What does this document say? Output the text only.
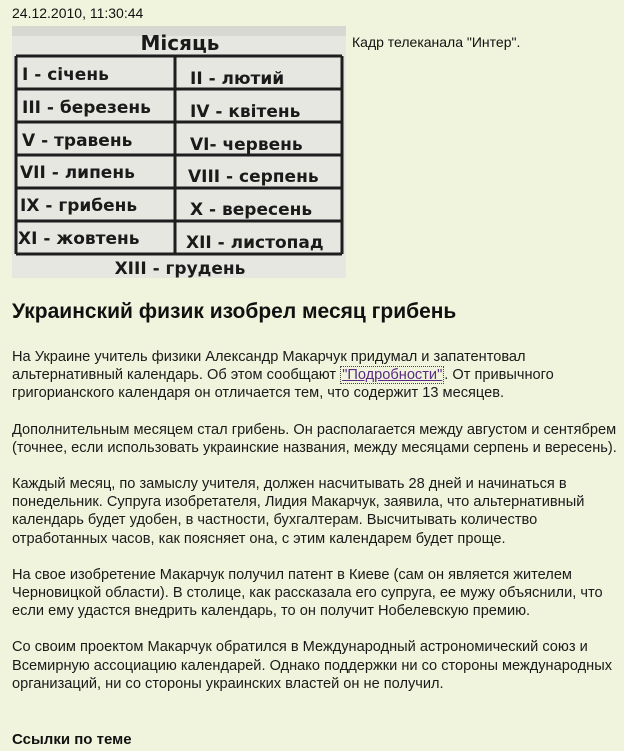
24.12.2010, 11:30:44
Місяць
I - січень	II - лютий
III - березень IV - квітень
V - травень	VI- червень
VII - липень	VIII - серпень
IX - грибень	X - вересень
XI - жовтень	XII - листопад
XIII - грудень
Кадр телеканала "Интер".
Украинский физик изобрел месяц грибень

На Украине учитель физики Александр Макарчук придумал и запатентовал альтернативный календарь. Об этом сообщают "Подробности" . От привычного григорианского календаря он отличается тем, что содержит 13 месяцев.

Дополнительным месяцем стал грибень. Он располагается между августом и сентябрем (точнее, если использовать украинские названия, между месяцами серпень и вересень).

Каждый месяц, по замыслу учителя, должен насчитывать 28 дней и начинаться в понедельник. Супруга изобретателя, Лидия Макарчук, заявила, что альтернативный календарь будет удобен, в частности, бухгалтерам. Высчитывать количество отработанных часов, как поясняет она, с этим календарем будет проще.

На свое изобретение Макарчук получил патент в Киеве (сам он является жителем Черновицкой области). В столице, как рассказала его супруга, ее мужу объяснили, что если ему удастся внедрить календарь, то он получит Нобелевскую премию.

Со своим проектом Макарчук обратился в Международный астрономический союз и Всемирную ассоциацию календарей. Однако поддержки ни со стороны международных организаций, ни со стороны украинских властей он не получил.

Ссылки по теме
